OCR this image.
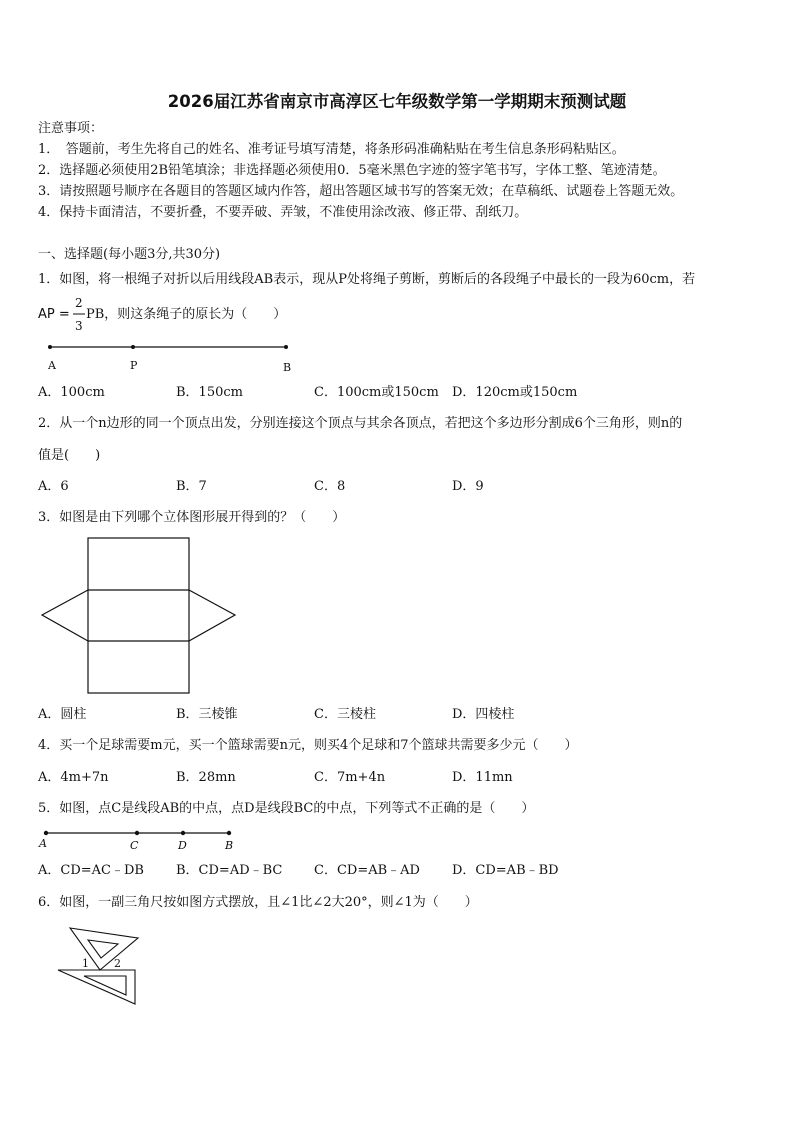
2026届江苏省南京市高淳区七年级数学第一学期期末预测试题
注意事项：
1．　答题前，考生先将自己的姓名、准考证号填写清楚，将条形码准确粘贴在考生信息条形码粘贴区。
2．选择题必须使用2B铅笔填涂；非选择题必须使用0．5毫米黑色字迹的签字笔书写，字体工整、笔迹清楚。
3．请按照题号顺序在各题目的答题区域内作答，超出答题区域书写的答案无效；在草稿纸、试题卷上答题无效。
4．保持卡面清洁，不要折叠，不要弄破、弄皱，不准使用涂改液、修正带、刮纸刀。
一、选择题(每小题3分,共30分)
1．如图，将一根绳子对折以后用线段AB表示，现从P处将绳子剪断，剪断后的各段绳子中最长的一段为60cm，若
AP =
2
3
PB，则这条绳子的原长为（　　）
A	P	B
A．100cm	B．150cm	C．100cm或150cm D．120cm或150cm
2．从一个n边形的同一个顶点出发，分别连接这个顶点与其余各顶点，若把这个多边形分割成6个三角形，则n的
值是(　　)
A．6	B．7	C．8	D．9
3．如图是由下列哪个立体图形展开得到的？（　　）
A．圆柱	B．三棱锥	C．三棱柱	D．四棱柱
4．买一个足球需要m元，买一个篮球需要n元，则买4个足球和7个篮球共需要多少元（　　）
A．4m+7n	B．28mn	C．7m+4n	D．11mn
5．如图，点C是线段AB的中点，点D是线段BC的中点，下列等式不正确的是（　　）
A	C	D	B
A．CD=AC﹣DB B．CD=AD﹣BC C．CD=AB﹣AD D．CD=AB﹣BD
6．如图，一副三角尺按如图方式摆放，且∠1比∠2大20°，则∠1为（　　）
1 2
